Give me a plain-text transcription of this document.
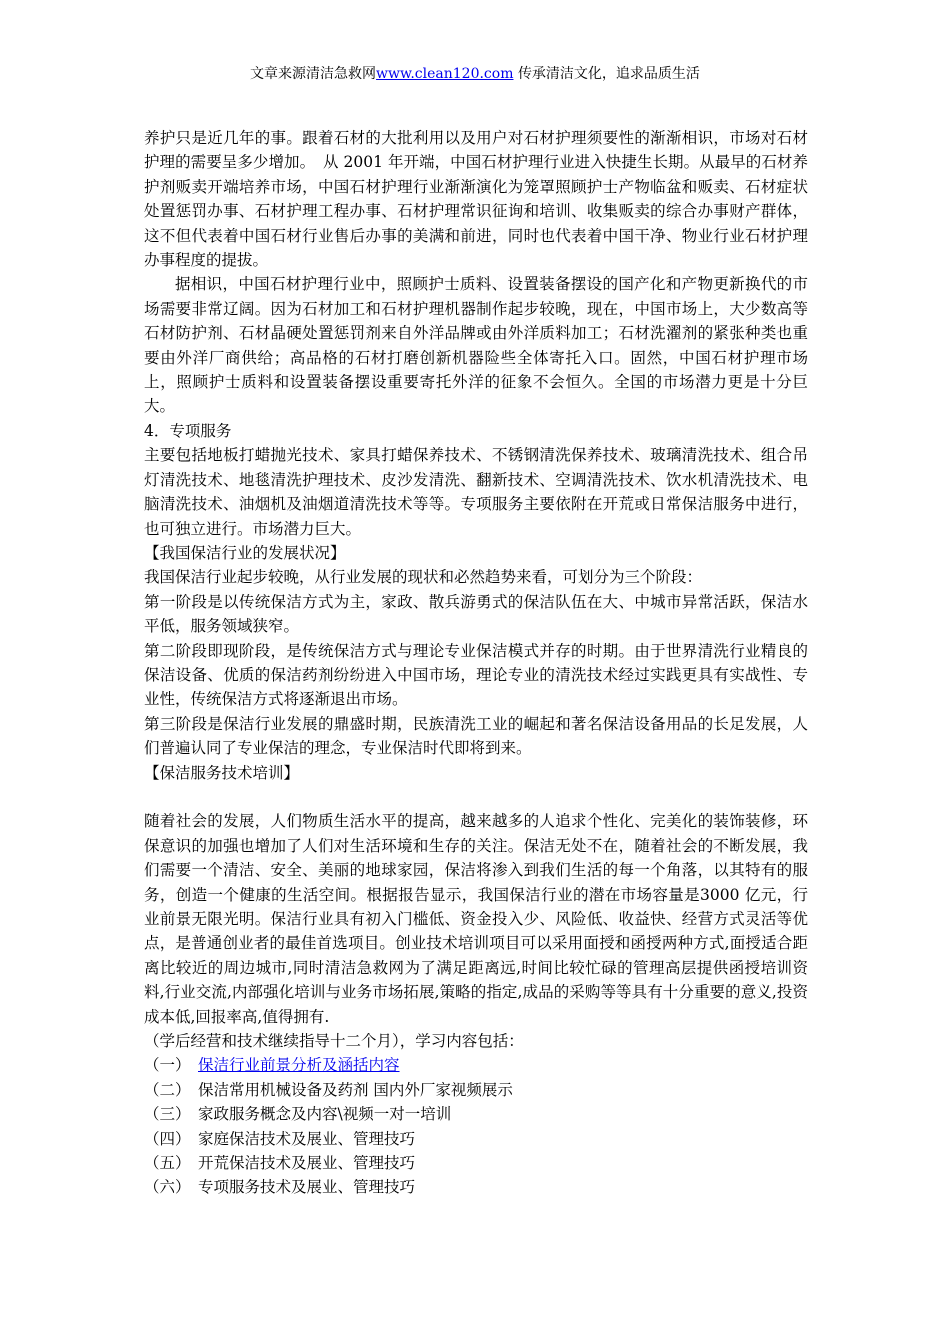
文章来源清洁急救网www.clean120.com 传承清洁文化，追求品质生活

养护只是近几年的事。跟着石材的大批利用以及用户对石材护理须要性的渐渐相识，市场对石材护理的需要呈多少增加。　从 2001 年开端，中国石材护理行业进入快捷生长期。从最早的石材养护剂贩卖开端培养市场，中国石材护理行业渐渐演化为笼罩照顾护士产物临盆和贩卖、石材症状处置惩罚办事、石材护理工程办事、石材护理常识征询和培训、收集贩卖的综合办事财产群体，这不但代表着中国石材行业售后办事的美满和前进，同时也代表着中国干净、物业行业石材护理办事程度的提拔。

据相识，中国石材护理行业中，照顾护士质料、设置装备摆设的国产化和产物更新换代的市场需要非常辽阔。因为石材加工和石材护理机器制作起步较晚，现在，中国市场上，大少数高等石材防护剂、石材晶硬处置惩罚剂来自外洋品牌或由外洋质料加工；石材洗濯剂的紧张种类也重要由外洋厂商供给；高品格的石材打磨创新机器险些全体寄托入口。固然，中国石材护理市场上，照顾护士质料和设置装备摆设重要寄托外洋的征象不会恒久。全国的市场潜力更是十分巨大。

4．专项服务

主要包括地板打蜡抛光技术、家具打蜡保养技术、不锈钢清洗保养技术、玻璃清洗技术、组合吊灯清洗技术、地毯清洗护理技术、皮沙发清洗、翻新技术、空调清洗技术、饮水机清洗技术、电脑清洗技术、油烟机及油烟道清洗技术等等。专项服务主要依附在开荒或日常保洁服务中进行，也可独立进行。市场潜力巨大。

【我国保洁行业的发展状况】

我国保洁行业起步较晚，从行业发展的现状和必然趋势来看，可划分为三个阶段：

第一阶段是以传统保洁方式为主，家政、散兵游勇式的保洁队伍在大、中城市异常活跃，保洁水平低，服务领域狭窄。

第二阶段即现阶段，是传统保洁方式与理论专业保洁模式并存的时期。由于世界清洗行业精良的保洁设备、优质的保洁药剂纷纷进入中国市场，理论专业的清洗技术经过实践更具有实战性、专业性，传统保洁方式将逐渐退出市场。

第三阶段是保洁行业发展的鼎盛时期，民族清洗工业的崛起和著名保洁设备用品的长足发展，人们普遍认同了专业保洁的理念，专业保洁时代即将到来。

【保洁服务技术培训】

随着社会的发展，人们物质生活水平的提高，越来越多的人追求个性化、完美化的装饰装修，环保意识的加强也增加了人们对生活环境和生存的关注。保洁无处不在，随着社会的不断发展，我们需要一个清洁、安全、美丽的地球家园，保洁将渗入到我们生活的每一个角落，以其特有的服务，创造一个健康的生活空间。根据报告显示，我国保洁行业的潜在市场容量是3000 亿元，行业前景无限光明。保洁行业具有初入门槛低、资金投入少、风险低、收益快、经营方式灵活等优点，是普通创业者的最佳首选项目。创业技术培训项目可以采用面授和函授两种方式,面授适合距离比较近的周边城市,同时清洁急救网为了满足距离远,时间比较忙碌的管理高层提供函授培训资料,行业交流,内部强化培训与业务市场拓展,策略的指定,成品的采购等等具有十分重要的意义,投资成本低,回报率高,值得拥有.

（学后经营和技术继续指导十二个月），学习内容包括：

（一） 保洁行业前景分析及涵括内容
（二） 保洁常用机械设备及药剂 国内外厂家视频展示
（三） 家政服务概念及内容\视频一对一培训
（四） 家庭保洁技术及展业、管理技巧
（五） 开荒保洁技术及展业、管理技巧
（六） 专项服务技术及展业、管理技巧
